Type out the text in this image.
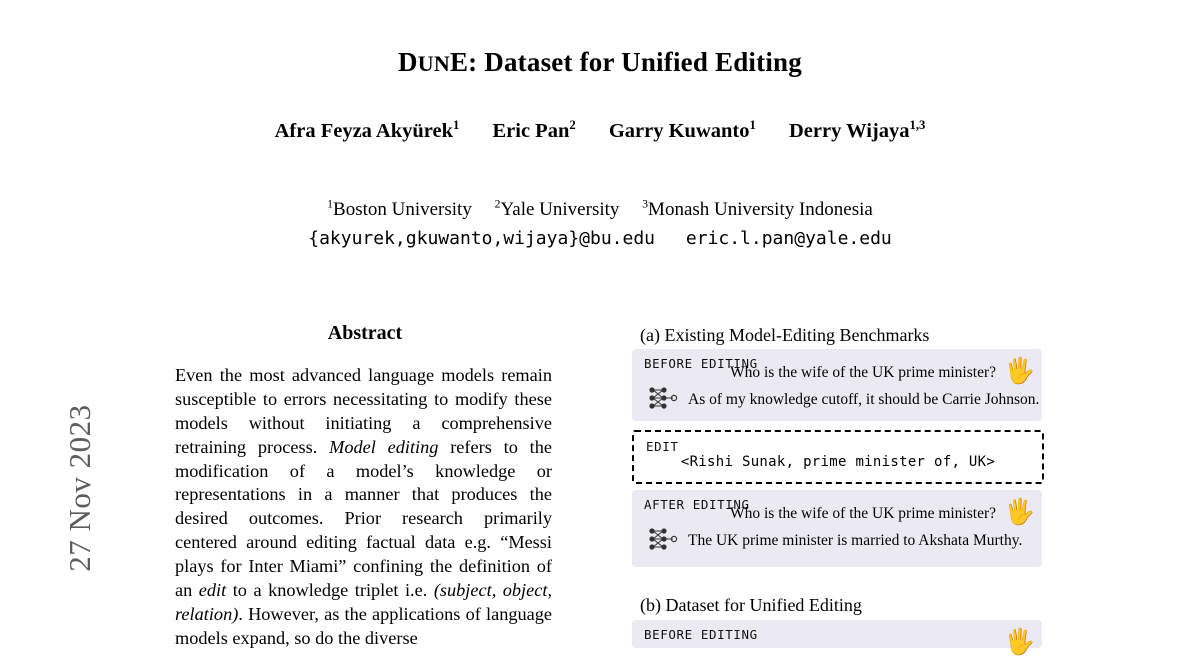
27 Nov 2023
DUNE: Dataset for Unified Editing
Afra Feyza Akyürek$^1$ Eric Pan$^2$ Garry Kuwanto$^1$ Derry Wijaya$^{1,3}$
$^1$Boston University $^2$Yale University $^3$Monash University Indonesia
{akyurek,gkuwanto,wijaya}@bu.edu eric.l.pan@yale.edu
Abstract
Even the most advanced language models remain susceptible to errors necessitating to modify these models without initiating a comprehensive retraining process. Model editing refers to the modification of a model’s knowledge or representations in a manner that produces the desired outcomes. Prior research primarily centered around editing factual data e.g. “Messi plays for Inter Miami” confining the definition of an edit to a knowledge triplet i.e. (subject, object, relation). However, as the applications of language models expand, so do the diverse
(a) Existing Model-Editing Benchmarks
BEFORE EDITING
Who is the wife of the UK prime minister? 🖐
As of my knowledge cutoff, it should be Carrie Johnson.
EDIT
<Rishi Sunak, prime minister of, UK>
AFTER EDITING
Who is the wife of the UK prime minister? 🖐
The UK prime minister is married to Akshata Murthy.
(b) Dataset for Unified Editing
BEFORE EDITING	🖐
